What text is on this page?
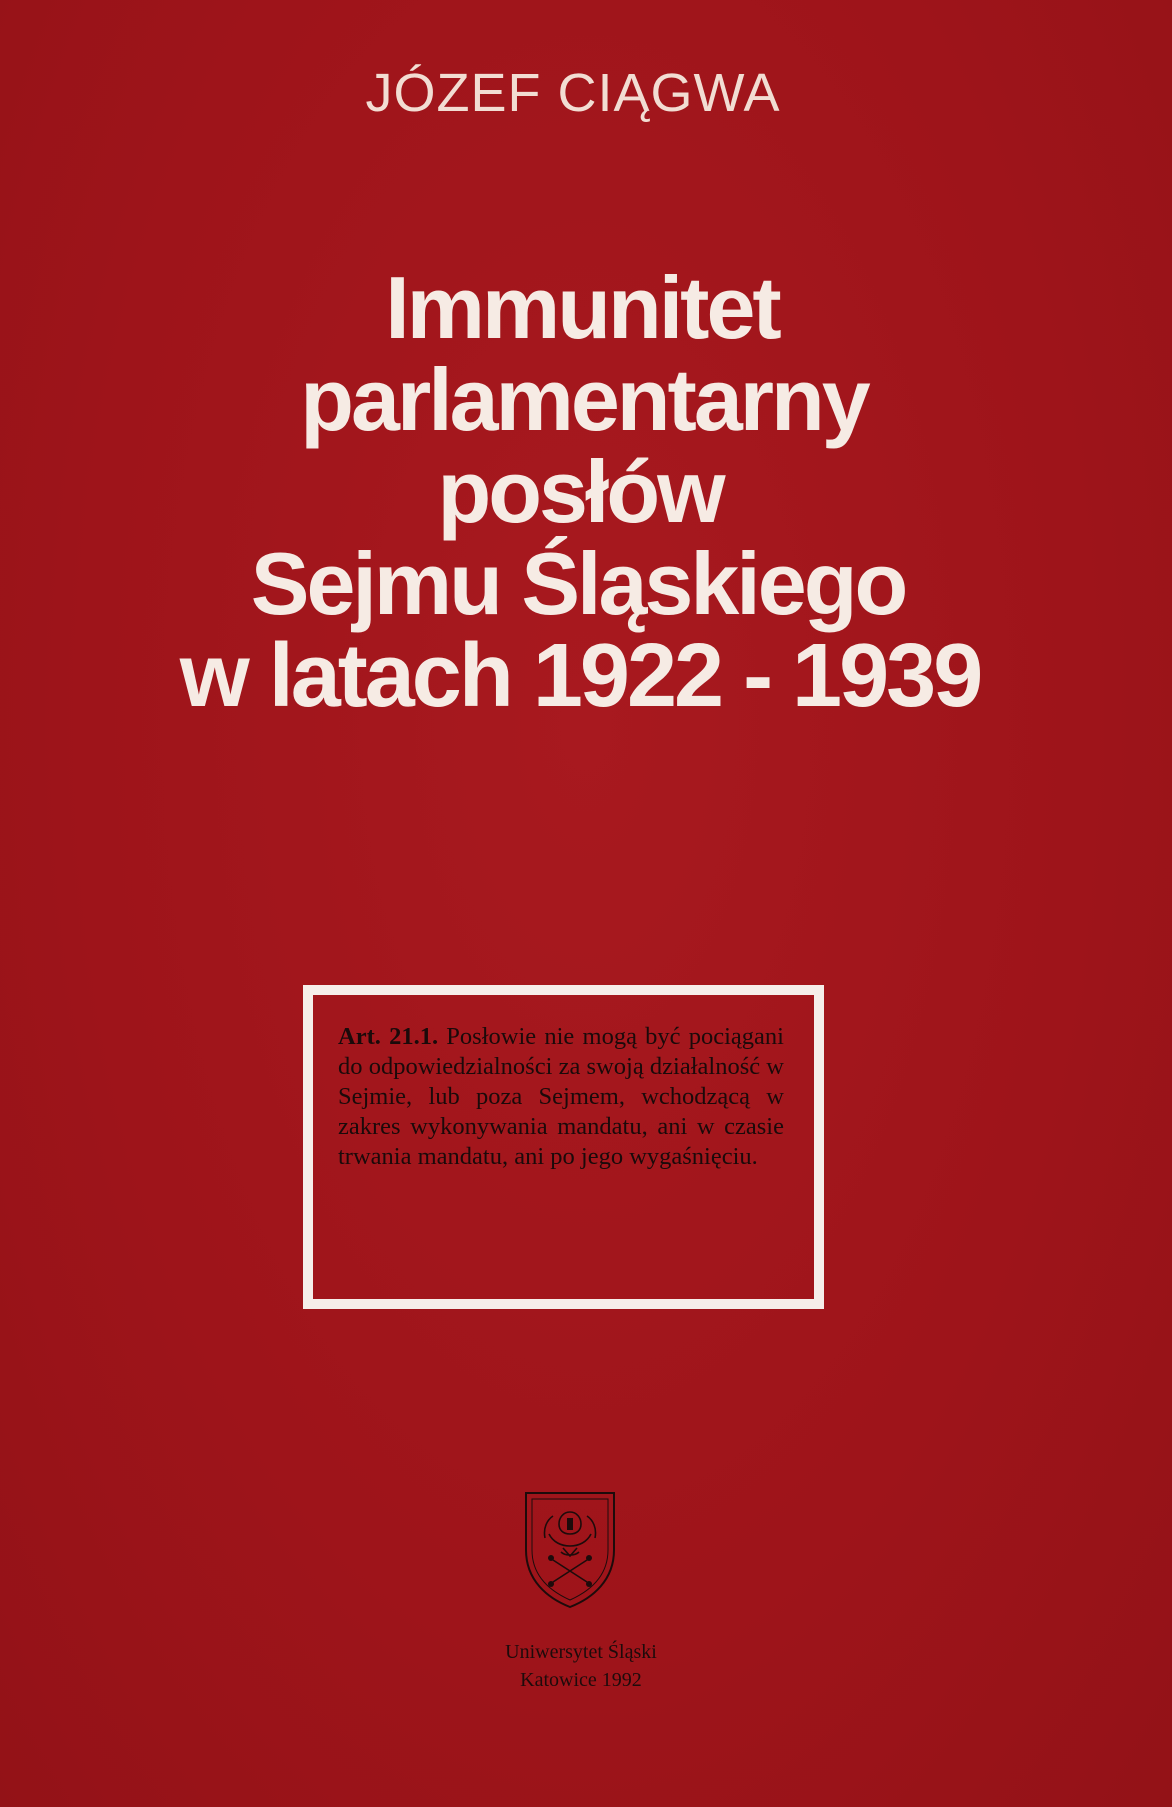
JÓZEF CIĄGWA
Immunitet
parlamentarny
posłów
Sejmu Śląskiego
w latach 1922 - 1939
Art. 21.1. Posłowie nie mogą być pociągani do odpowiedzialności za swoją działalność w Sejmie, lub poza Sejmem, wchodzącą w zakres wykonywania mandatu, ani w czasie trwania mandatu, ani po jego wygaśnięciu.
Uniwersytet Śląski
Katowice 1992
